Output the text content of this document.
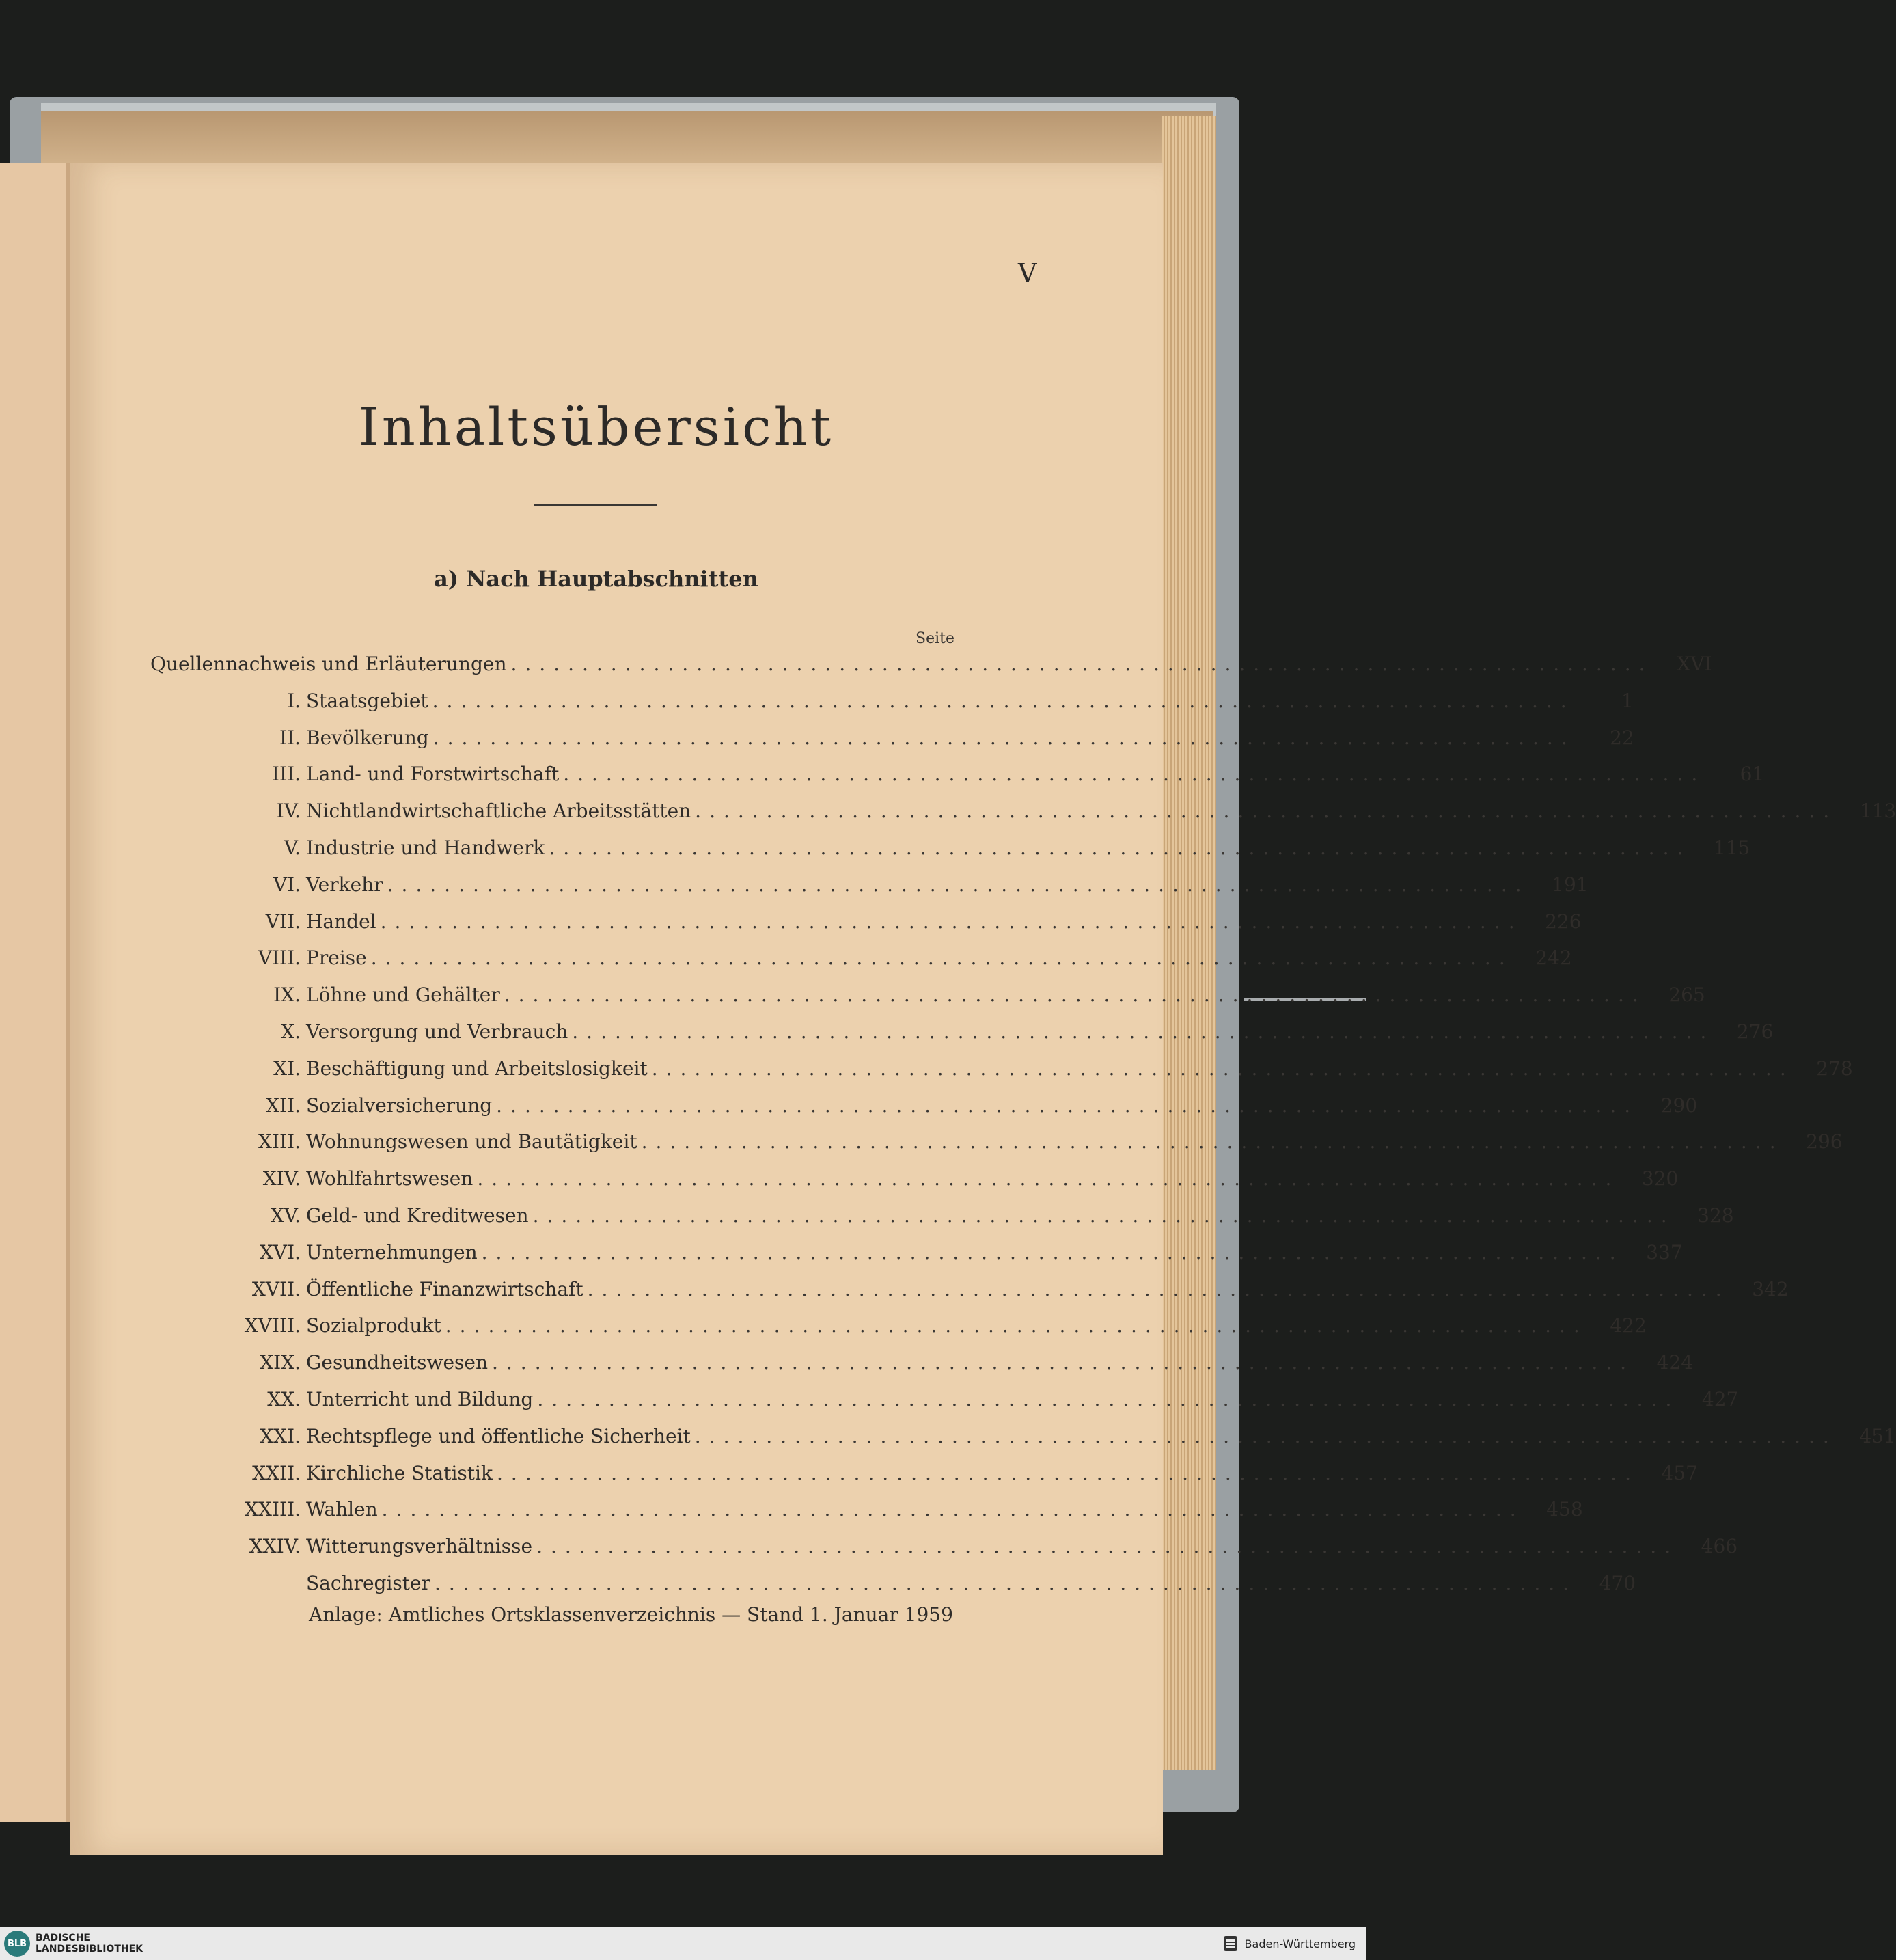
V
Inhaltsübersicht
a) Nach Hauptabschnitten
Seite
Quellennachweis und Erläuterungen ................................................................................	XVI
I. Staatsgebiet ................................................................................	1
II. Bevölkerung ................................................................................	22
III. Land- und Forstwirtschaft ................................................................................	61
IV. Nichtlandwirtschaftliche Arbeitsstätten ................................................................................	113
V. Industrie und Handwerk ................................................................................	115
VI. Verkehr ................................................................................	191
VII. Handel ................................................................................	226
VIII. Preise ................................................................................	242
IX. Löhne und Gehälter ................................................................................	265
X. Versorgung und Verbrauch ................................................................................	276
XI. Beschäftigung und Arbeitslosigkeit ................................................................................	278
XII. Sozialversicherung ................................................................................	290
XIII. Wohnungswesen und Bautätigkeit ................................................................................	296
XIV. Wohlfahrtswesen ................................................................................	320
XV. Geld- und Kreditwesen ................................................................................	328
XVI. Unternehmungen ................................................................................	337
XVII. Öffentliche Finanzwirtschaft ................................................................................	342
XVIII. Sozialprodukt ................................................................................	422
XIX. Gesundheitswesen ................................................................................	424
XX. Unterricht und Bildung ................................................................................	427
XXI. Rechtspflege und öffentliche Sicherheit ................................................................................	451
XXII. Kirchliche Statistik ................................................................................	457
XXIII. Wahlen ................................................................................	458
XXIV. Witterungsverhältnisse ................................................................................	466
Sachregister ................................................................................	470
Anlage: Amtliches Ortsklassenverzeichnis — Stand 1. Januar 1959
BLB BADISCHE
LANDESBIBLIOTHEK	Baden-Württemberg
